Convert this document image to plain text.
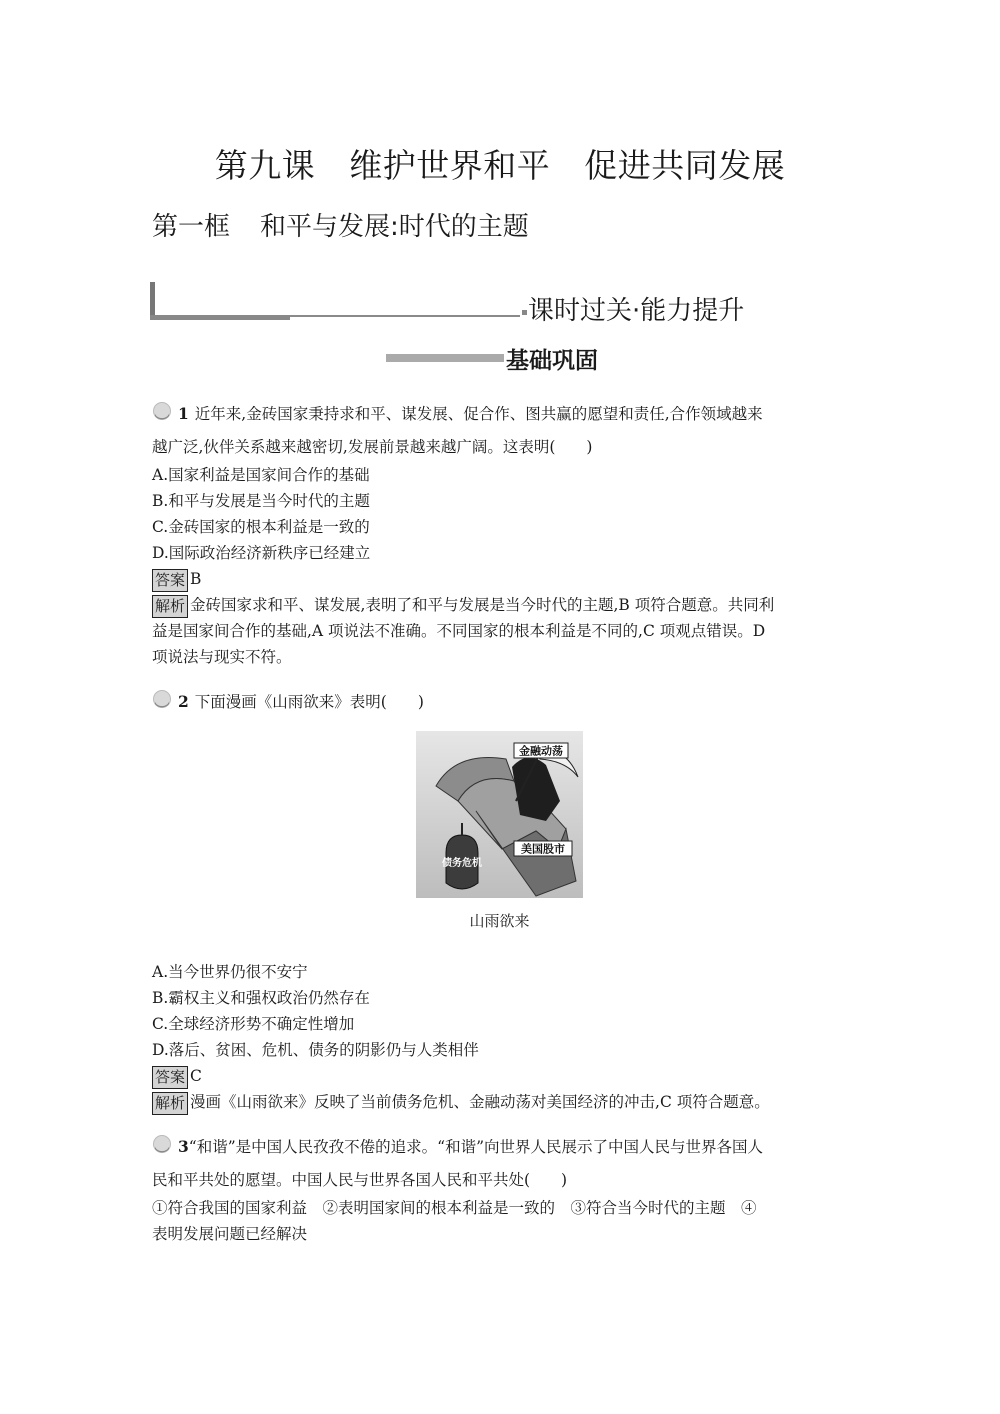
第九课 维护世界和平 促进共同发展
第一框 和平与发展:时代的主题
课时过关·能力提升
基础巩固
1 近年来,金砖国家秉持求和平、谋发展、促合作、图共赢的愿望和责任,合作领域越来
越广泛,伙伴关系越来越密切,发展前景越来越广阔。这表明(　　)
A.国家利益是国家间合作的基础
B.和平与发展是当今时代的主题
C.金砖国家的根本利益是一致的
D.国际政治经济新秩序已经建立
答案 B
解析 金砖国家求和平、谋发展,表明了和平与发展是当今时代的主题,B 项符合题意。共同利
益是国家间合作的基础,A 项说法不准确。不同国家的根本利益是不同的,C 项观点错误。D
项说法与现实不符。
2 下面漫画《山雨欲来》表明(　　)
金融动荡
美国股市
债务危机
山雨欲来
A.当今世界仍很不安宁
B.霸权主义和强权政治仍然存在
C.全球经济形势不确定性增加
D.落后、贫困、危机、债务的阴影仍与人类相伴
答案 C
解析 漫画《山雨欲来》反映了当前债务危机、金融动荡对美国经济的冲击,C 项符合题意。
3“和谐”是中国人民孜孜不倦的追求。“和谐”向世界人民展示了中国人民与世界各国人
民和平共处的愿望。中国人民与世界各国人民和平共处(　　)
①符合我国的国家利益　②表明国家间的根本利益是一致的　③符合当今时代的主题　④
表明发展问题已经解决
